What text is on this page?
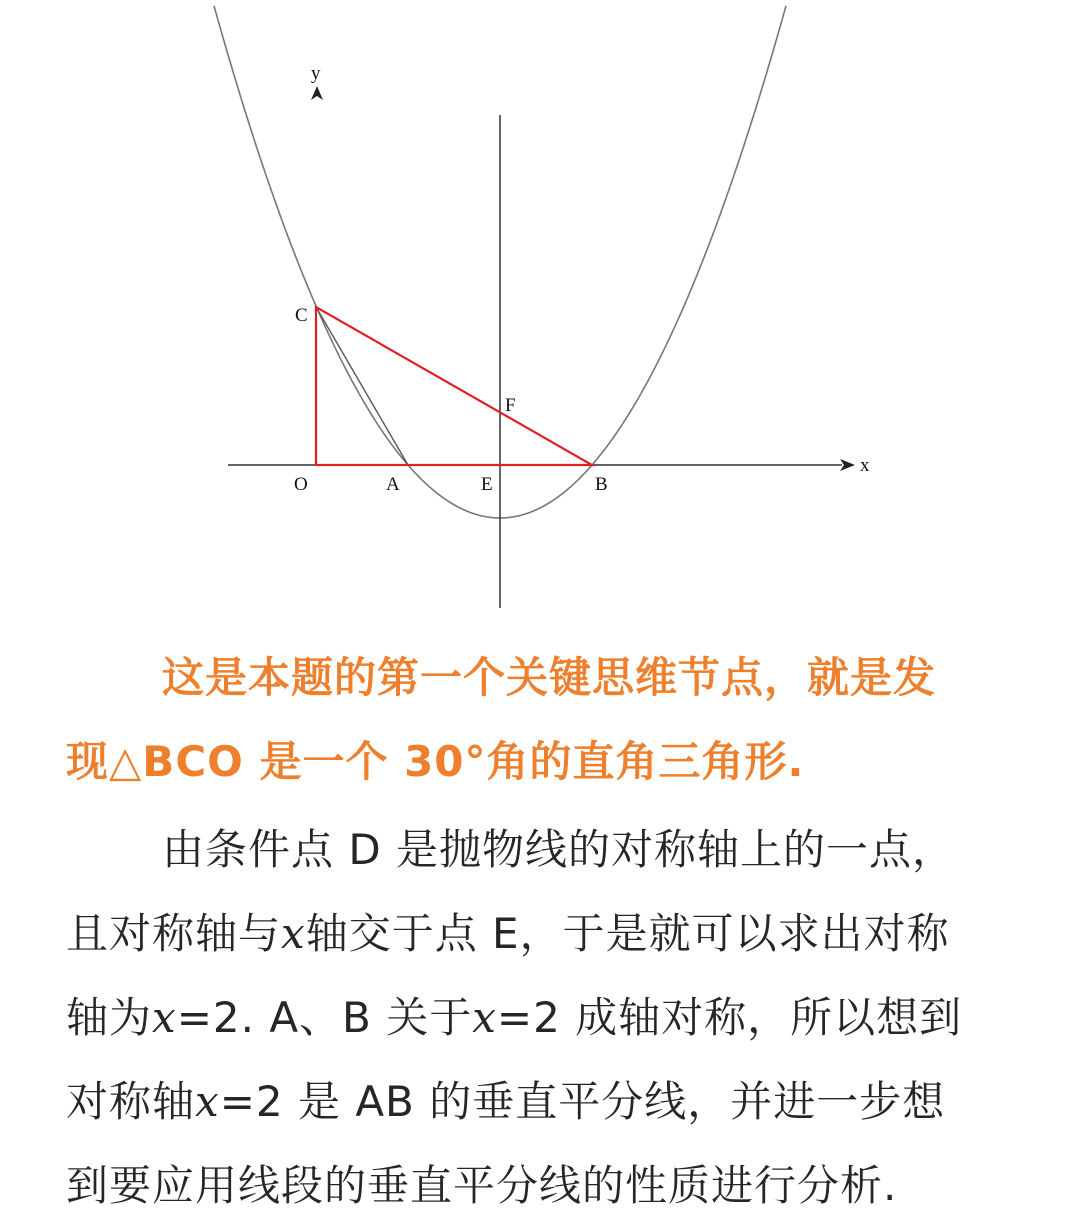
x
y
O	A	E	B
C
F

这是本题的第一个关键思维节点，就是发
现△BCO 是一个 30°角的直角三角形.

由条件点 D 是抛物线的对称轴上的一点，
且对称轴与x轴交于点 E，于是就可以求出对称
轴为x=2. A、B 关于x=2 成轴对称，所以想到
对称轴x=2 是 AB 的垂直平分线，并进一步想
到要应用线段的垂直平分线的性质进行分析.
